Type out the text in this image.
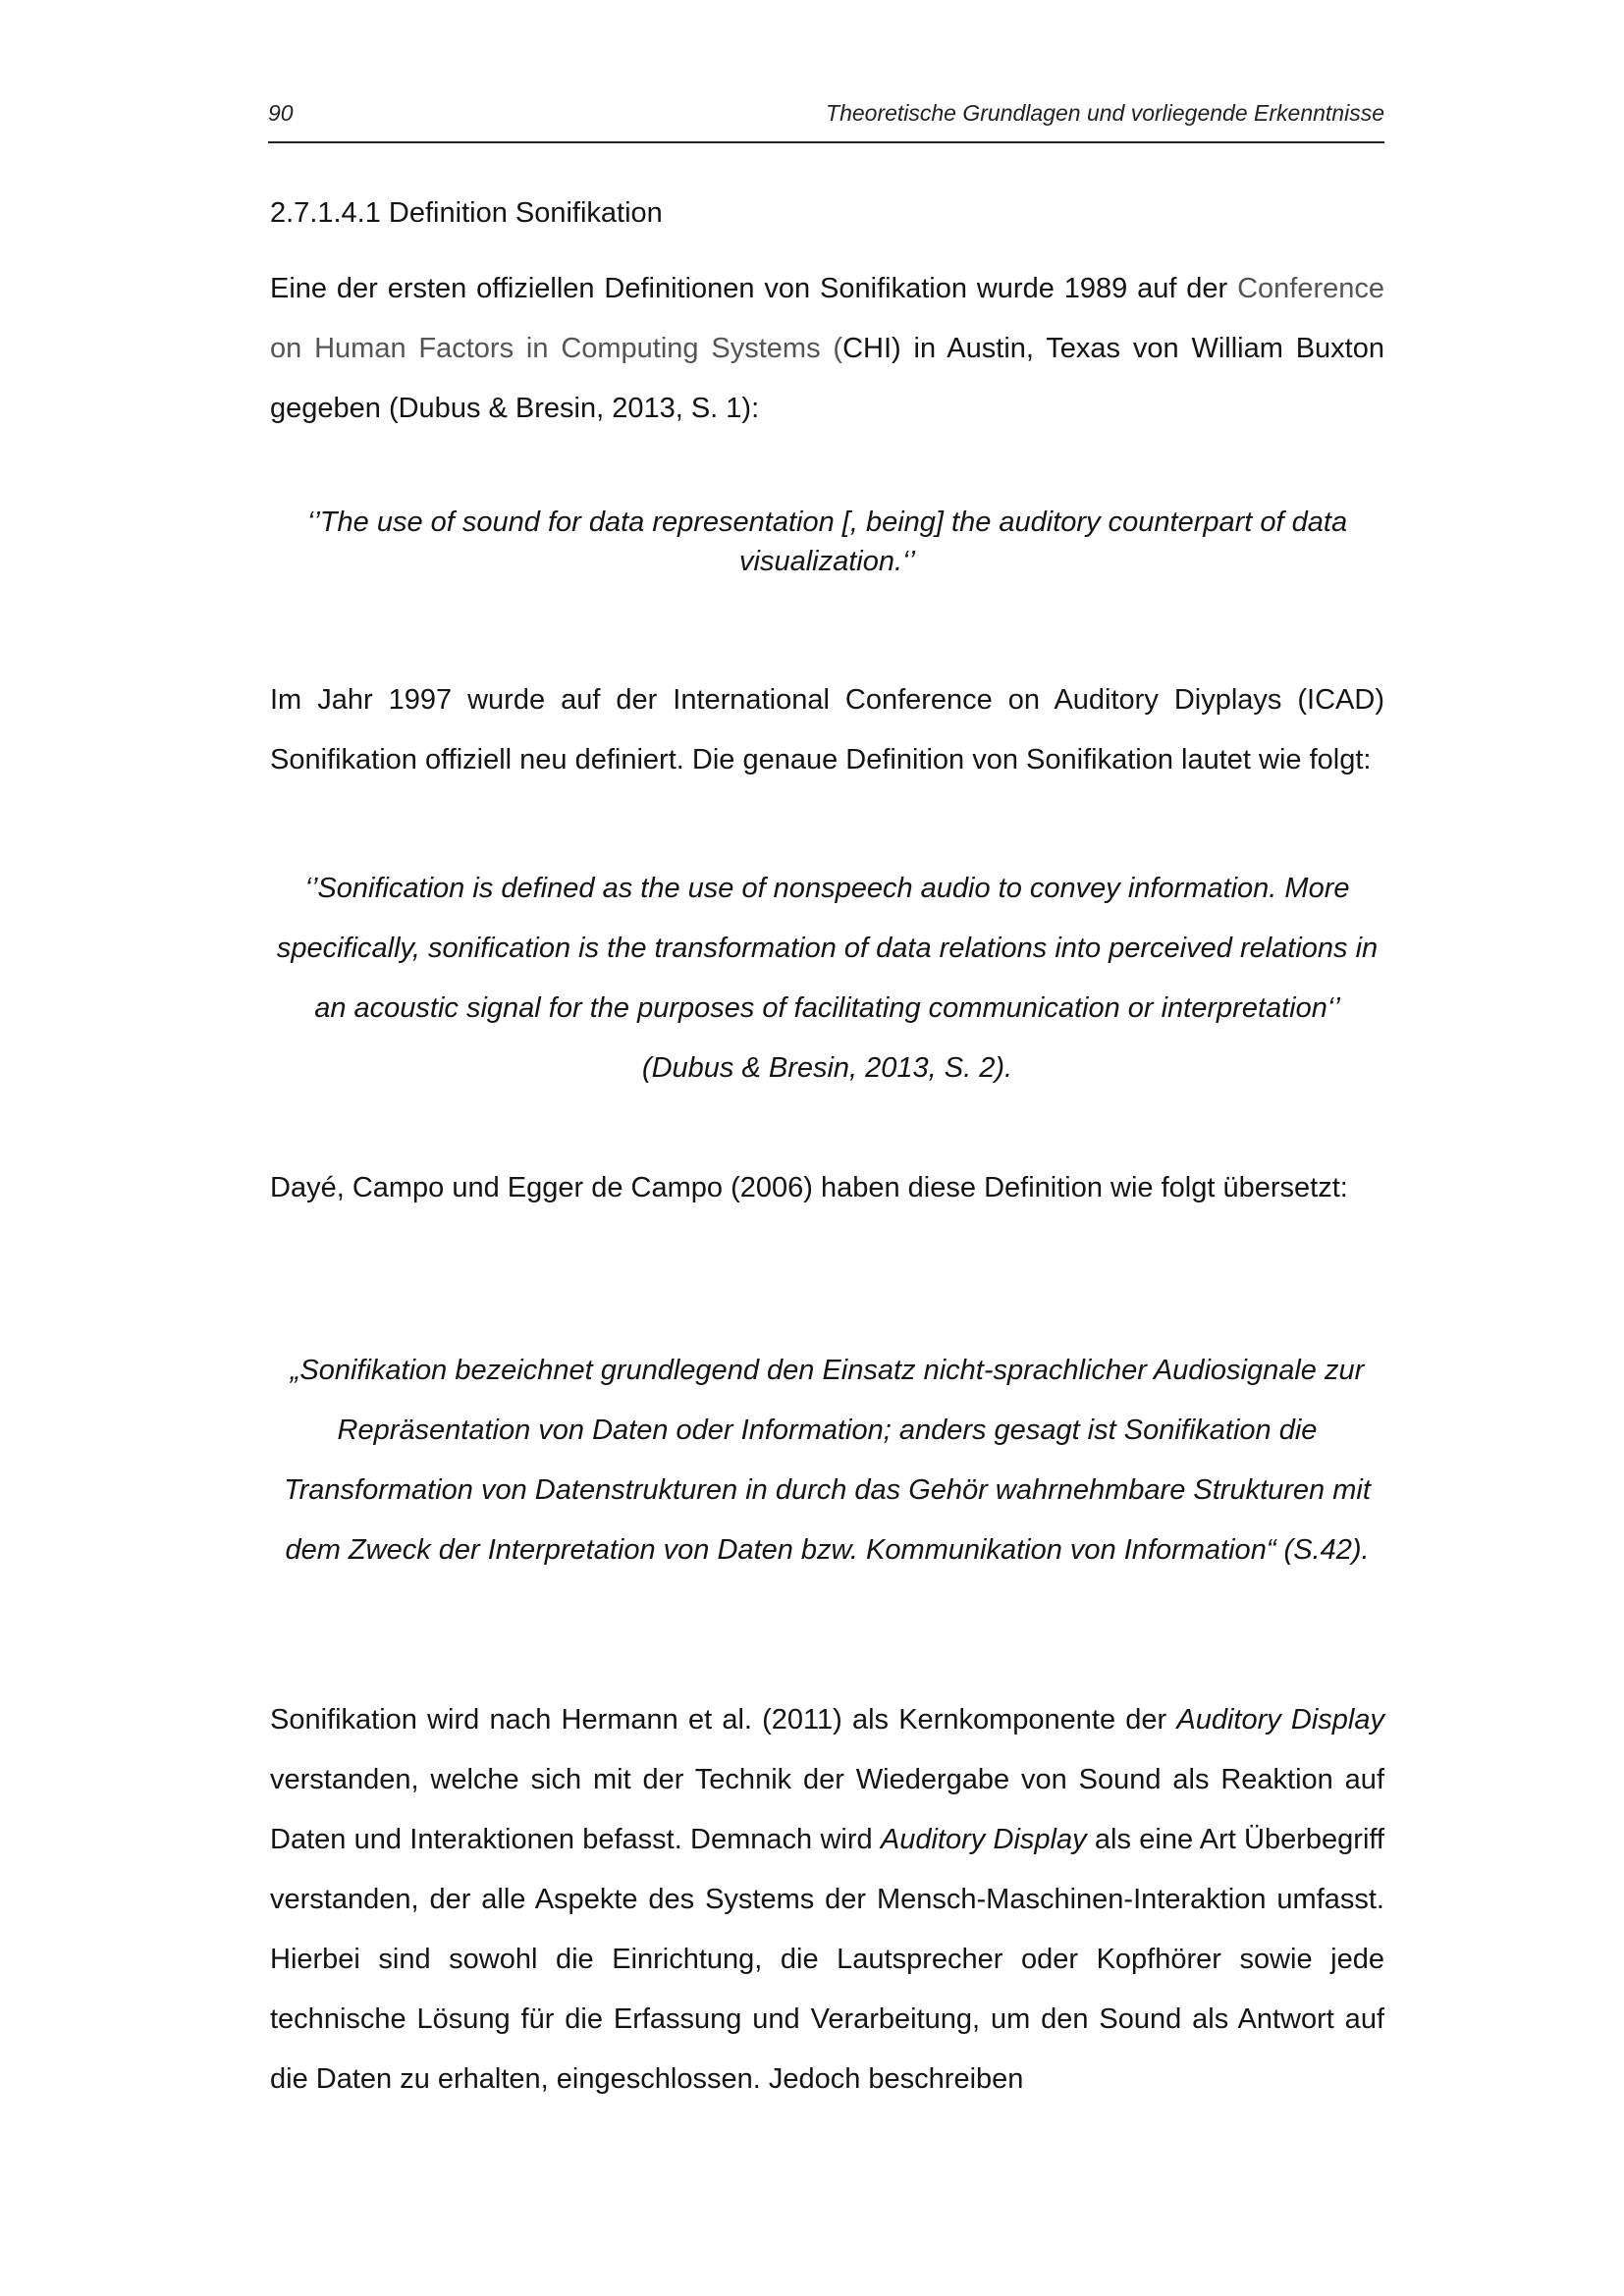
90	Theoretische Grundlagen und vorliegende Erkenntnisse
2.7.1.4.1 Definition Sonifikation

Eine der ersten offiziellen Definitionen von Sonifikation wurde 1989 auf der Conference on Human Factors in Computing Systems (CHI) in Austin, Texas von William Buxton gegeben (Dubus & Bresin, 2013, S. 1):

‘’The use of sound for data representation [, being] the auditory counterpart of data visualization.‘’

Im Jahr 1997 wurde auf der International Conference on Auditory Diyplays (ICAD) Sonifikation offiziell neu definiert. Die genaue Definition von Sonifikation lautet wie folgt:

‘’Sonification is defined as the use of nonspeech audio to convey information. More specifically, sonification is the transformation of data relations into perceived relations in an acoustic signal for the purposes of facilitating communication or interpretation‘’ (Dubus & Bresin, 2013, S. 2).

Dayé, Campo und Egger de Campo (2006) haben diese Definition wie folgt übersetzt:

„Sonifikation bezeichnet grundlegend den Einsatz nicht-sprachlicher Audiosignale zur Repräsentation von Daten oder Information; anders gesagt ist Sonifikation die Transformation von Datenstrukturen in durch das Gehör wahrnehmbare Strukturen mit dem Zweck der Interpretation von Daten bzw. Kommunikation von Information“ (S.42).

Sonifikation wird nach Hermann et al. (2011) als Kernkomponente der Auditory Display verstanden, welche sich mit der Technik der Wiedergabe von Sound als Reaktion auf Daten und Interaktionen befasst. Demnach wird Auditory Display als eine Art Überbegriff verstanden, der alle Aspekte des Systems der Mensch-Maschinen-Interaktion umfasst. Hierbei sind sowohl die Einrichtung, die Lautsprecher oder Kopfhörer sowie jede technische Lösung für die Erfassung und Verarbeitung, um den Sound als Antwort auf die Daten zu erhalten, eingeschlossen. Jedoch beschreiben
